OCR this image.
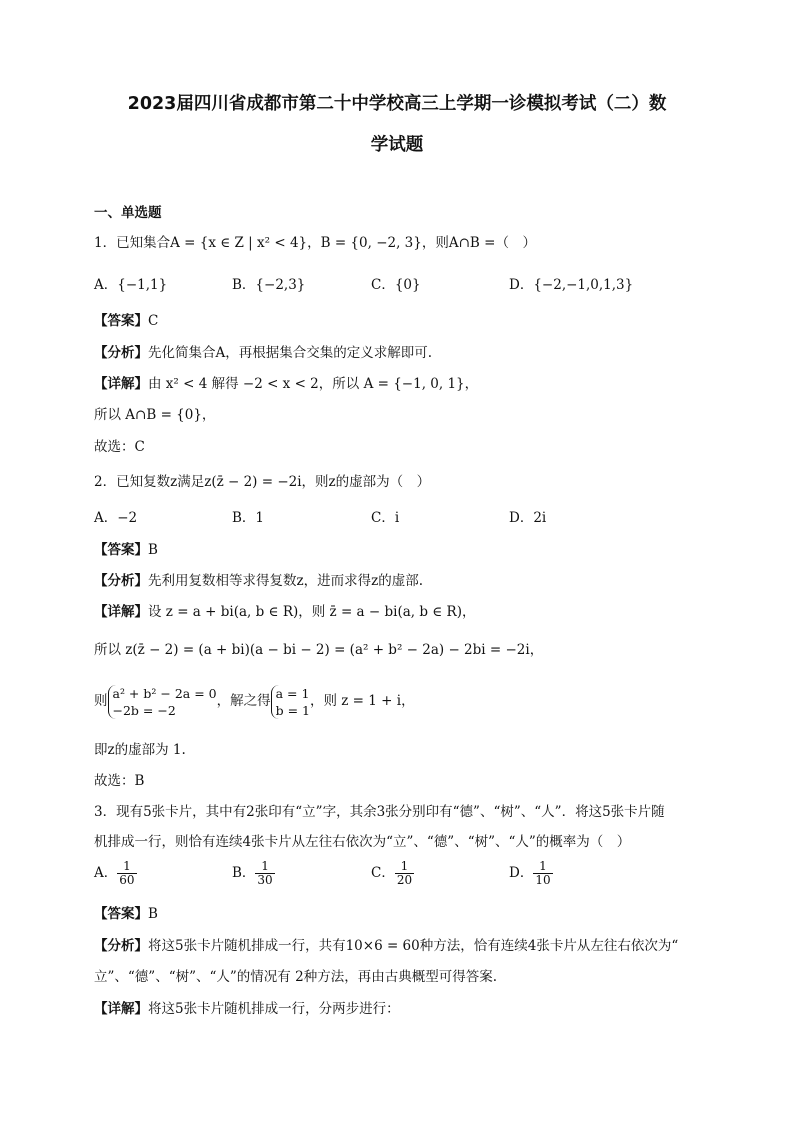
2023届四川省成都市第二十中学校高三上学期一诊模拟考试（二）数
学试题
一、单选题
1．已知集合A = {x ∈ Z | x² < 4}，B = {0, −2, 3}，则A∩B =（　）
A．{−1,1}	B．{−2,3}	C．{0}	D．{−2,−1,0,1,3}
【答案】C
【分析】先化简集合A，再根据集合交集的定义求解即可.
【详解】由 x² < 4 解得 −2 < x < 2，所以 A = {−1, 0, 1}，
所以 A∩B = {0}，
故选：C
2．已知复数z满足z(z̄ − 2) = −2i，则z的虚部为（　）
A．−2	B．1	C．i	D．2i
【答案】B
【分析】先利用复数相等求得复数z，进而求得z的虚部.
【详解】设 z = a + bi(a, b ∈ R)，则 z̄ = a − bi(a, b ∈ R)，
所以 z(z̄ − 2) = (a + bi)(a − bi − 2) = (a² + b² − 2a) − 2bi = −2i，
则 a² + b² − 2a = 0
−2b = −2
，解之得 a = 1
b = 1
，则 z = 1 + i，
即z的虚部为 1.
故选：B
3．现有5张卡片，其中有2张印有“立”字，其余3张分别印有“德”、“树”、“人”．将这5张卡片随
机排成一行，则恰有连续4张卡片从左往右依次为“立”、“德”、“树”、“人”的概率为（　）
A． $\frac{1}{60}$	B． $\frac{1}{30}$	C． $\frac{1}{20}$	D． $\frac{1}{10}$
【答案】B
【分析】将这5张卡片随机排成一行，共有10×6 = 60种方法，恰有连续4张卡片从左往右依次为“
立”、“德”、“树”、“人”的情况有 2种方法，再由古典概型可得答案.
【详解】将这5张卡片随机排成一行，分两步进行：
